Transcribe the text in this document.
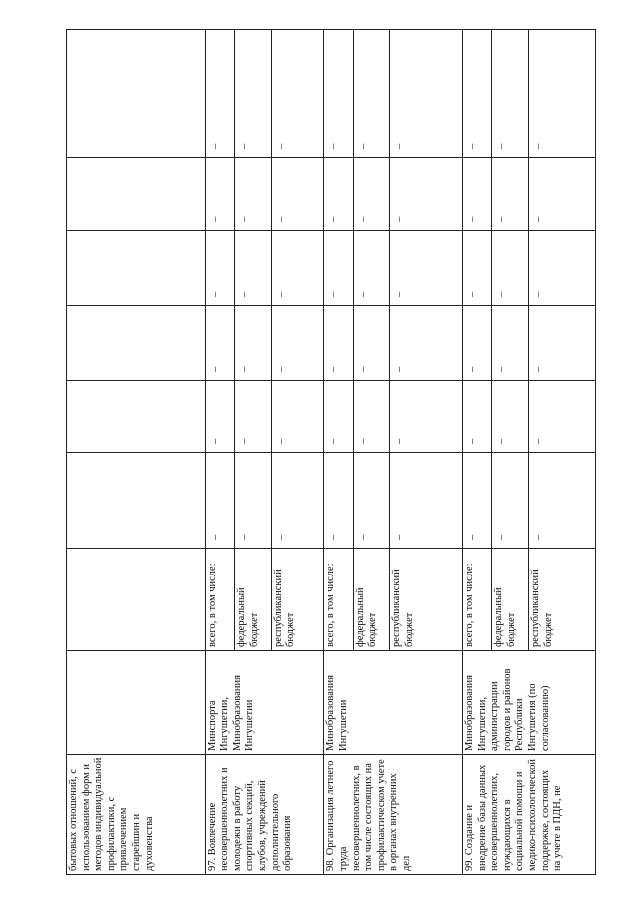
бытовых отношений, с использованием форм и методов индивидуальной профилактики, с привлечением старейшин и духовенства								
97. Вовлечение несовершеннолетних и молодежи в работу спортивных секций, клубов, учреждений дополнительного образования	Минспорта Ингушетии, Минобразования Ингушетии	всего, в том числе:	–	–	–	–	–	–
		федеральный бюджет	–	–	–	–	–	–
		республиканский бюджет	–	–	–	–	–	–
98. Организация летнего труда несовершеннолетних, в том числе состоящих на профилактическом учете в органах внутренних дел	Минобразования Ингушетии	всего, в том числе:	–	–	–	–	–	–
		федеральный бюджет	–	–	–	–	–	–
		республиканский бюджет	–	–	–	–	–	–
99. Создание и внедрение базы данных несовершеннолетних, нуждающихся в социальной помощи и медико-психологической поддержке, состоящих на учете в ПДН, не	Минобразования Ингушетии, администрации городов и районов Республики Ингушетия (по согласованию)	всего, в том числе:	–	–	–	–	–	–
		федеральный бюджет	–	–	–	–	–	–
		республиканский бюджет	–	–	–	–	–	–
